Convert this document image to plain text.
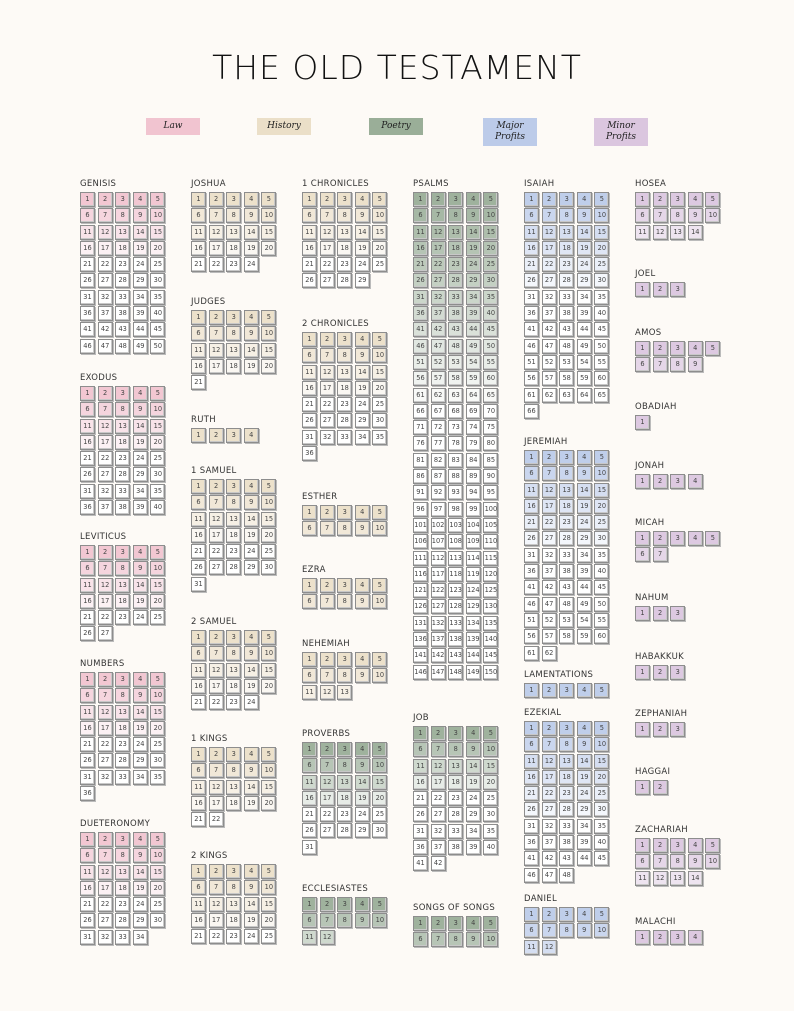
THE OLD TESTAMENT
Law	History	Poetry	Major Profits
Minor Profits
GENISIS
1	2	3	4	5
6	7	8	9	10
11	12	13	14	15
16	17	18	19	20
21	22	23	24	25
26	27	28	29	30
31	32	33	34	35
36	37	38	39	40
41	42	43	44	45
46	47	48	49	50
EXODUS
1	2	3	4	5
6	7	8	9	10
11	12	13	14	15
16	17	18	19	20
21	22	23	24	25
26	27	28	29	30
31	32	33	34	35
36	37	38	39	40
LEVITICUS
1	2	3	4	5
6	7	8	9	10
11	12	13	14	15
16	17	18	19	20
21	22	23	24	25
26	27
NUMBERS
1	2	3	4	5
6	7	8	9	10
11	12	13	14	15
16	17	18	19	20
21	22	23	24	25
26	27	28	29	30
31	32	33	34	35
36
DUETERONOMY
1	2	3	4	5
6	7	8	9	10
11	12	13	14	15
16	17	18	19	20
21	22	23	24	25
26	27	28	29	30
31	32	33	34
JOSHUA
1	2	3	4	5
6	7	8	9	10
11	12	13	14	15
16	17	18	19	20
21	22	23	24
JUDGES
1	2	3	4	5
6	7	8	9	10
11	12	13	14	15
16	17	18	19	20
21
RUTH
1	2	3	4
1 SAMUEL
1	2	3	4	5
6	7	8	9	10
11	12	13	14	15
16	17	18	19	20
21	22	23	24	25
26	27	28	29	30
31
2 SAMUEL
1	2	3	4	5
6	7	8	9	10
11	12	13	14	15
16	17	18	19	20
21	22	23	24
1 KINGS
1	2	3	4	5
6	7	8	9	10
11	12	13	14	15
16	17	18	19	20
21	22
2 KINGS
1	2	3	4	5
6	7	8	9	10
11	12	13	14	15
16	17	18	19	20
21	22	23	24	25
1 CHRONICLES
1	2	3	4	5
6	7	8	9	10
11	12	13	14	15
16	17	18	19	20
21	22	23	24	25
26	27	28	29
2 CHRONICLES
1	2	3	4	5
6	7	8	9	10
11	12	13	14	15
16	17	18	19	20
21	22	23	24	25
26	27	28	29	30
31	32	33	34	35
36
ESTHER
1	2	3	4	5
6	7	8	9	10
EZRA
1	2	3	4	5
6	7	8	9	10
NEHEMIAH
1	2	3	4	5
6	7	8	9	10
11	12	13
PROVERBS
1	2	3	4	5
6	7	8	9	10
11	12	13	14	15
16	17	18	19	20
21	22	23	24	25
26	27	28	29	30
31
ECCLESIASTES
1	2	3	4	5
6	7	8	9	10
11	12
PSALMS
1	2	3	4	5
6	7	8	9	10
11	12	13	14	15
16	17	18	19	20
21	22	23	24	25
26	27	28	29	30
31	32	33	34	35
36	37	38	39	40
41	42	43	44	45
46	47	48	49	50
51	52	53	54	55
56	57	58	59	60
61	62	63	64	65
66	67	68	69	70
71	72	73	74	75
76	77	78	79	80
81	82	83	84	85
86	87	88	89	90
91	92	93	94	95
96	97	98	99	100
101 102 103 104 105
106 107 108 109 110
111 112 113 114 115
116 117 118 119 120
121 122 123 124 125
126 127 128 129 130
131 132 133 134 135
136 137 138 139 140
141 142 143 144 145
146 147 148 149 150
JOB
1	2	3	4	5
6	7	8	9	10
11	12	13	14	15
16	17	18	19	20
21	22	23	24	25
26	27	28	29	30
31	32	33	34	35
36	37	38	39	40
41	42
SONGS OF SONGS
1	2	3	4	5
6	7	8	9	10
ISAIAH
1	2	3	4	5
6	7	8	9	10
11	12	13	14	15
16	17	18	19	20
21	22	23	24	25
26	27	28	29	30
31	32	33	34	35
36	37	38	39	40
41	42	43	44	45
46	47	48	49	50
51	52	53	54	55
56	57	58	59	60
61	62	63	64	65
66
JEREMIAH
1	2	3	4	5
6	7	8	9	10
11	12	13	14	15
16	17	18	19	20
21	22	23	24	25
26	27	28	29	30
31	32	33	34	35
36	37	38	39	40
41	42	43	44	45
46	47	48	49	50
51	52	53	54	55
56	57	58	59	60
61	62
LAMENTATIONS
1	2	3	4	5
EZEKIAL
1	2	3	4	5
6	7	8	9	10
11	12	13	14	15
16	17	18	19	20
21	22	23	24	25
26	27	28	29	30
31	32	33	34	35
36	37	38	39	40
41	42	43	44	45
46	47	48
DANIEL
1	2	3	4	5
6	7	8	9	10
11	12
HOSEA
1	2	3	4	5
6	7	8	9	10
11	12	13	14
JOEL
1	2	3
AMOS
1	2	3	4	5
6	7	8	9
OBADIAH
1
JONAH
1	2	3	4
MICAH
1	2	3	4	5
6	7
NAHUM
1	2	3
HABAKKUK
1	2	3
ZEPHANIAH
1	2	3
HAGGAI
1	2
ZACHARIAH
1	2	3	4	5
6	7	8	9	10
11	12	13	14
MALACHI
1	2	3	4
